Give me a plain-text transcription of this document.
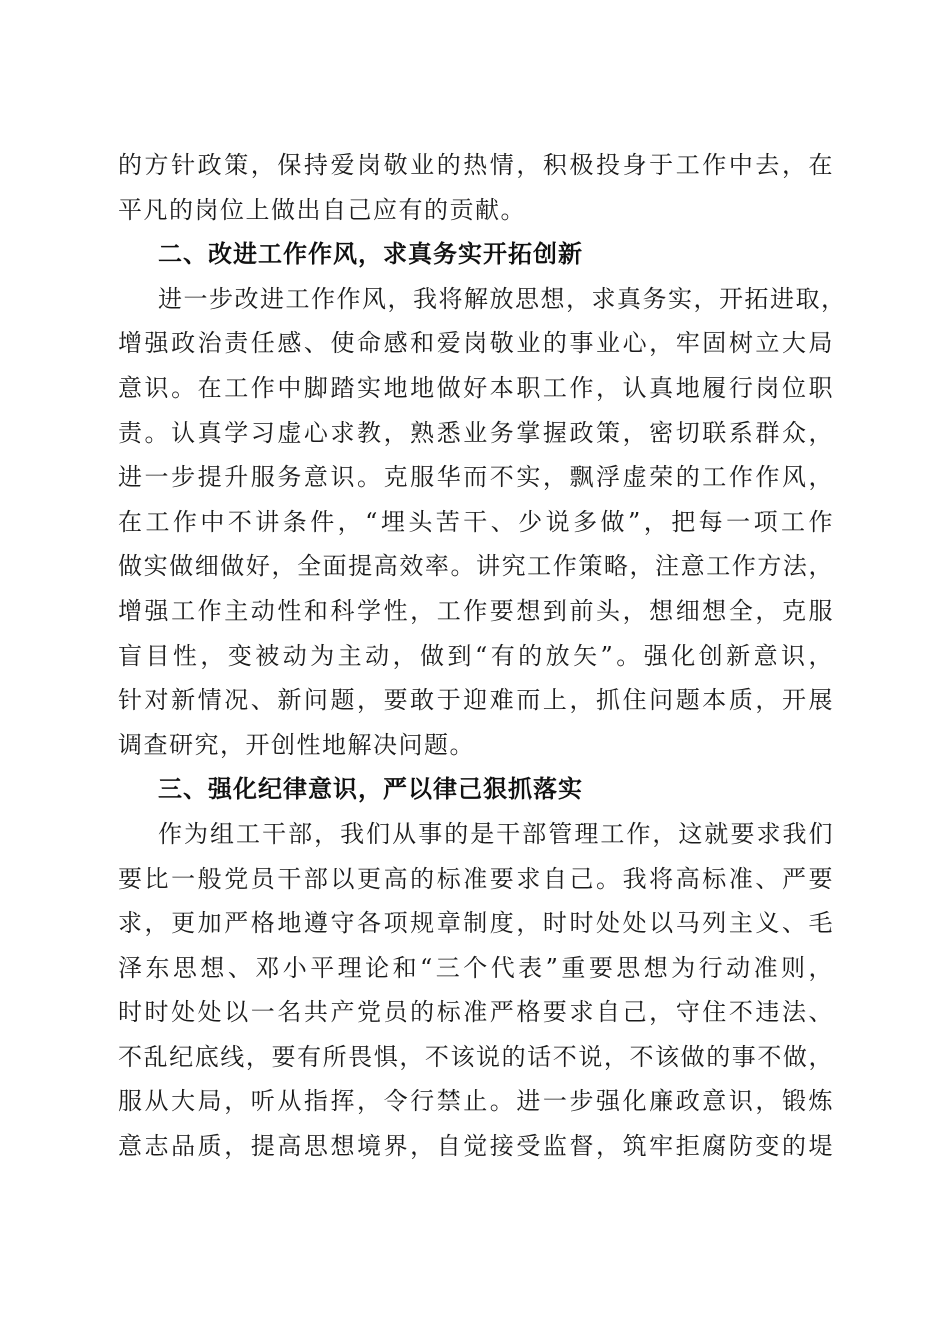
的方针政策，保持爱岗敬业的热情，积极投身于工作中去，在
平凡的岗位上做出自己应有的贡献。
二、改进工作作风，求真务实开拓创新
进一步改进工作作风，我将解放思想，求真务实，开拓进取，
增强政治责任感、使命感和爱岗敬业的事业心，牢固树立大局
意识。在工作中脚踏实地地做好本职工作，认真地履行岗位职
责。认真学习虚心求教，熟悉业务掌握政策，密切联系群众，
进一步提升服务意识。克服华而不实，飘浮虚荣的工作作风，
在工作中不讲条件，“埋头苦干、少说多做”，把每一项工作
做实做细做好，全面提高效率。讲究工作策略，注意工作方法，
增强工作主动性和科学性，工作要想到前头，想细想全，克服
盲目性，变被动为主动，做到“有的放矢”。强化创新意识，
针对新情况、新问题，要敢于迎难而上，抓住问题本质，开展
调查研究，开创性地解决问题。
三、强化纪律意识，严以律己狠抓落实
作为组工干部，我们从事的是干部管理工作，这就要求我们
要比一般党员干部以更高的标准要求自己。我将高标准、严要
求，更加严格地遵守各项规章制度，时时处处以马列主义、毛
泽东思想、邓小平理论和“三个代表”重要思想为行动准则，
时时处处以一名共产党员的标准严格要求自己，守住不违法、
不乱纪底线，要有所畏惧，不该说的话不说，不该做的事不做，
服从大局，听从指挥，令行禁止。进一步强化廉政意识，锻炼
意志品质，提高思想境界，自觉接受监督，筑牢拒腐防变的堤
